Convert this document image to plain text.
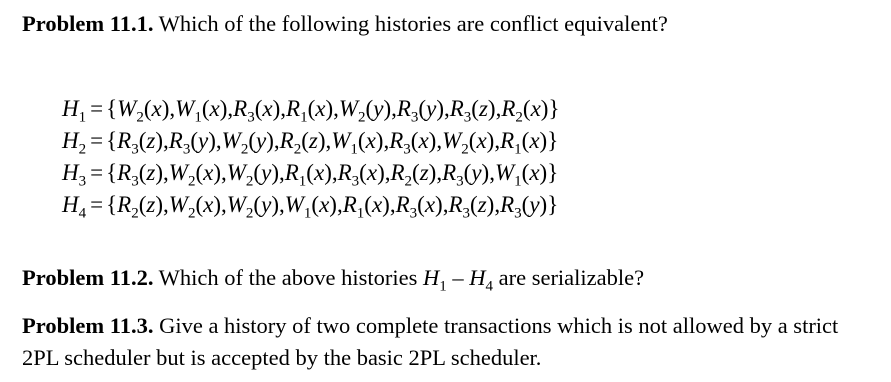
Problem 11.1. Which of the following histories are conflict equivalent?
$H_1 = \{W_2(x),W_1(x),R_3(x),R_1(x),W_2(y),R_3(y),R_3(z),R_2(x)\}$
$H_2 = \{R_3(z),R_3(y),W_2(y),R_2(z),W_1(x),R_3(x),W_2(x),R_1(x)\}$
$H_3 = \{R_3(z),W_2(x),W_2(y),R_1(x),R_3(x),R_2(z),R_3(y),W_1(x)\}$
$H_4 = \{R_2(z),W_2(x),W_2(y),W_1(x),R_1(x),R_3(x),R_3(z),R_3(y)\}$
Problem 11.2. Which of the above histories $H_1 - H_4$ are serializable?
Problem 11.3. Give a history of two complete transactions which is not allowed by a strict 2PL scheduler but is accepted by the basic 2PL scheduler.
